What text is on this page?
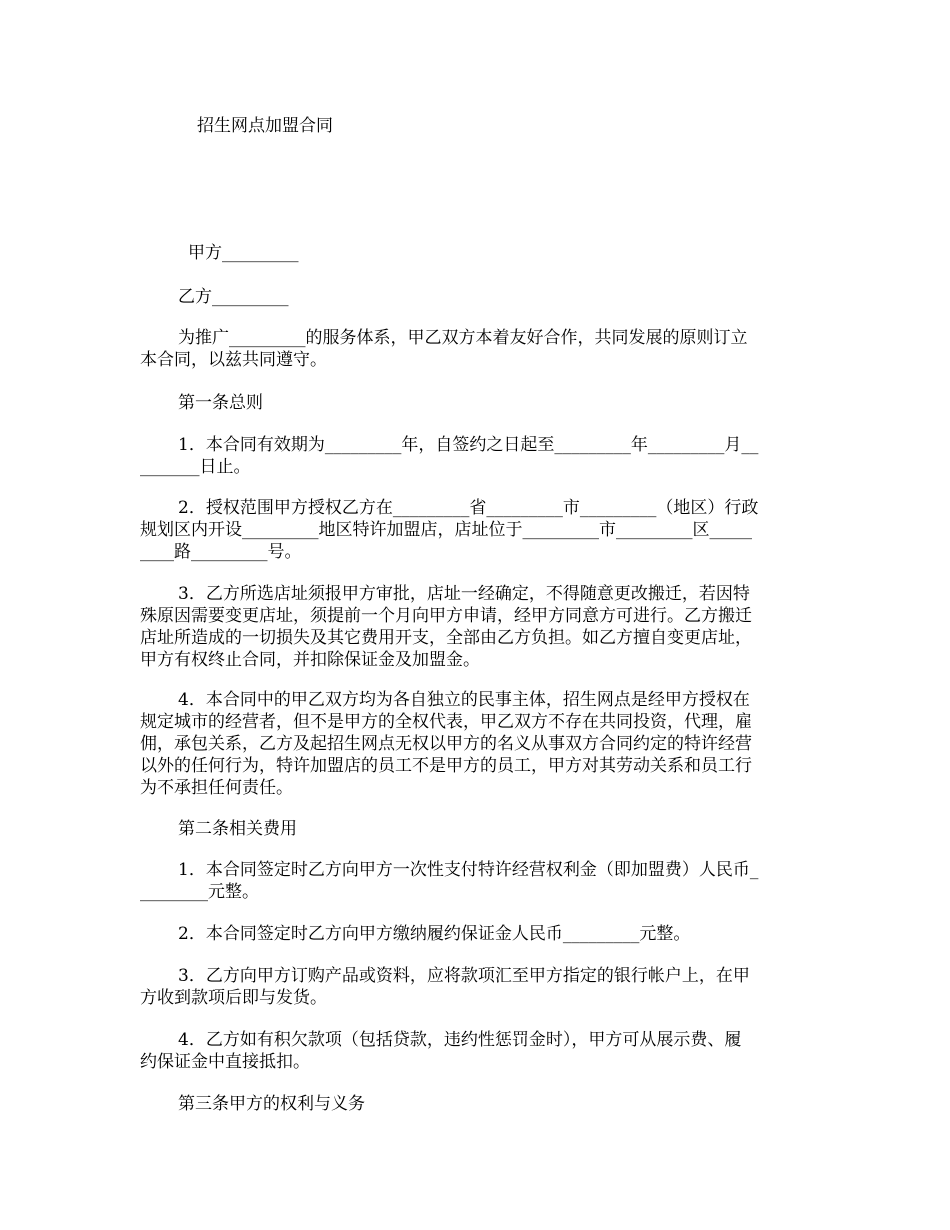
招生网点加盟合同
甲方_________
乙方_________
为推广_________的服务体系，甲乙双方本着友好合作，共同发展的原则订立
本合同，以兹共同遵守。
第一条总则
1．本合同有效期为_________年，自签约之日起至_________年_________月__
_______日止。
2．授权范围甲方授权乙方在_________省_________市_________（地区）行政
规划区内开设_________地区特许加盟店，店址位于_________市_________区_____
____路_________号。
3．乙方所选店址须报甲方审批，店址一经确定，不得随意更改搬迁，若因特
殊原因需要变更店址，须提前一个月向甲方申请，经甲方同意方可进行。乙方搬迁
店址所造成的一切损失及其它费用开支，全部由乙方负担。如乙方擅自变更店址，
甲方有权终止合同，并扣除保证金及加盟金。
4．本合同中的甲乙双方均为各自独立的民事主体，招生网点是经甲方授权在
规定城市的经营者，但不是甲方的全权代表，甲乙双方不存在共同投资，代理，雇
佣，承包关系，乙方及起招生网点无权以甲方的名义从事双方合同约定的特许经营
以外的任何行为，特许加盟店的员工不是甲方的员工，甲方对其劳动关系和员工行
为不承担任何责任。
第二条相关费用
1．本合同签定时乙方向甲方一次性支付特许经营权利金（即加盟费）人民币_
________元整。
2．本合同签定时乙方向甲方缴纳履约保证金人民币_________元整。
3．乙方向甲方订购产品或资料，应将款项汇至甲方指定的银行帐户上，在甲
方收到款项后即与发货。
4．乙方如有积欠款项（包括贷款，违约性惩罚金时），甲方可从展示费、履
约保证金中直接抵扣。
第三条甲方的权利与义务
